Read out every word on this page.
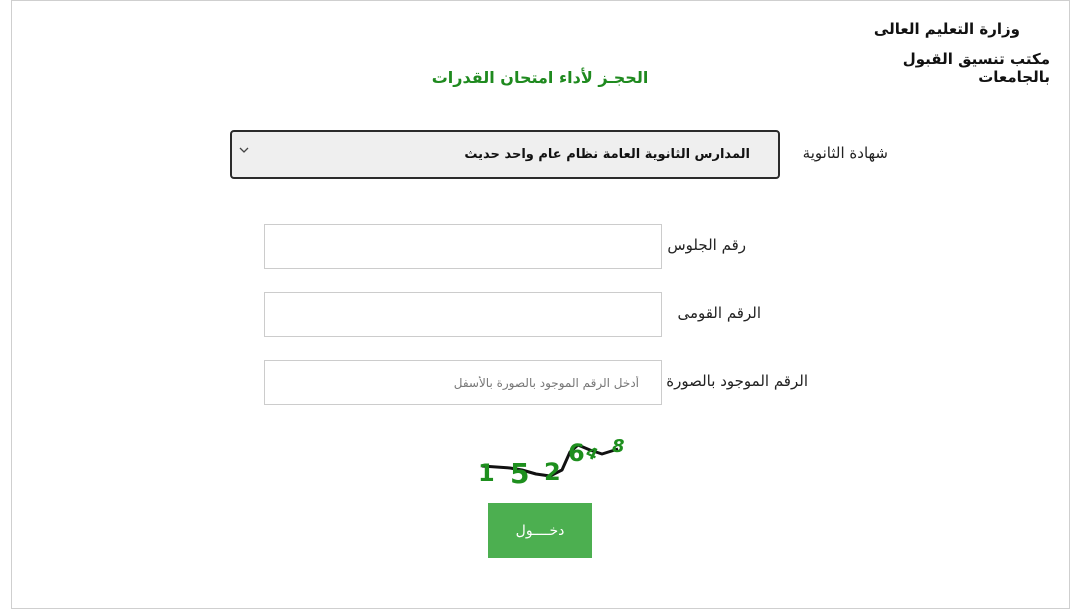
وزارة التعليم العالى
مكتب تنسيق القبول بالجامعات
الحجـز لأداء امتحان القدرات
شهادة الثانوية
المدارس الثانوية العامة نظام عام واحد حديث
رقم الجلوس
الرقم القومى
الرقم الموجود بالصورة
أدخل الرقم الموجود بالصورة بالأسفل
1 5 2
6
4 8
دخــــول
